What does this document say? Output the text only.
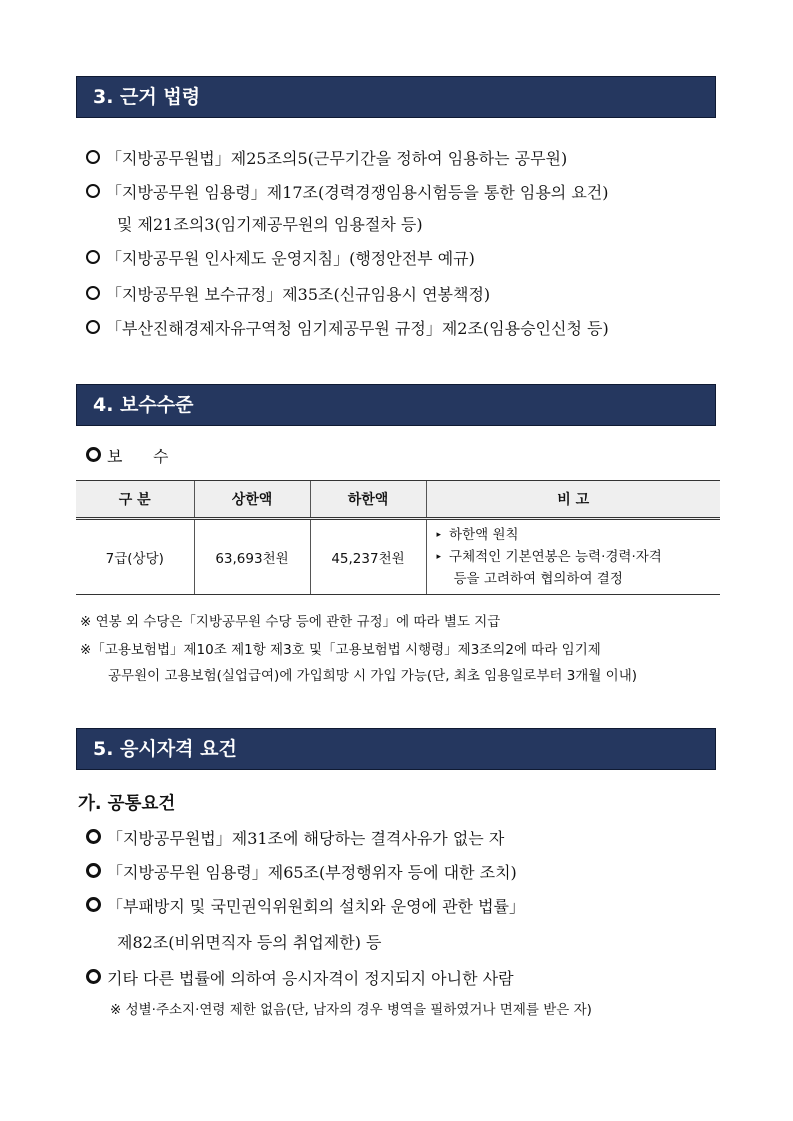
3. 근거 법령
「지방공무원법」제25조의5(근무기간을 정하여 임용하는 공무원)
「지방공무원 임용령」제17조(경력경쟁임용시험등을 통한 임용의 요건)
및 제21조의3(임기제공무원의 임용절차 등)
「지방공무원 인사제도 운영지침」(행정안전부 예규)
「지방공무원 보수규정」제35조(신규임용시 연봉책정)
「부산진해경제자유구역청 임기제공무원 규정」제2조(임용승인신청 등)
4. 보수수준
보      수
구 분	상한액	하한액	비 고
7급(상당)	63,693천원	45,237천원	▸ 하한액 원칙
▸ 구체적인 기본연봉은 능력·경력·자격
등을 고려하여 협의하여 결정
※ 연봉 외 수당은「지방공무원 수당 등에 관한 규정」에 따라 별도 지급
※「고용보험법」제10조 제1항 제3호 및「고용보험법 시행령」제3조의2에 따라 임기제
공무원이 고용보험(실업급여)에 가입희망 시 가입 가능(단, 최초 임용일로부터 3개월 이내)
5. 응시자격 요건
가. 공통요건
「지방공무원법」제31조에 해당하는 결격사유가 없는 자
「지방공무원 임용령」제65조(부정행위자 등에 대한 조치)
「부패방지 및 국민권익위원회의 설치와 운영에 관한 법률」
제82조(비위면직자 등의 취업제한) 등
기타 다른 법률에 의하여 응시자격이 정지되지 아니한 사람
※ 성별·주소지·연령 제한 없음(단, 남자의 경우 병역을 필하였거나 면제를 받은 자)
